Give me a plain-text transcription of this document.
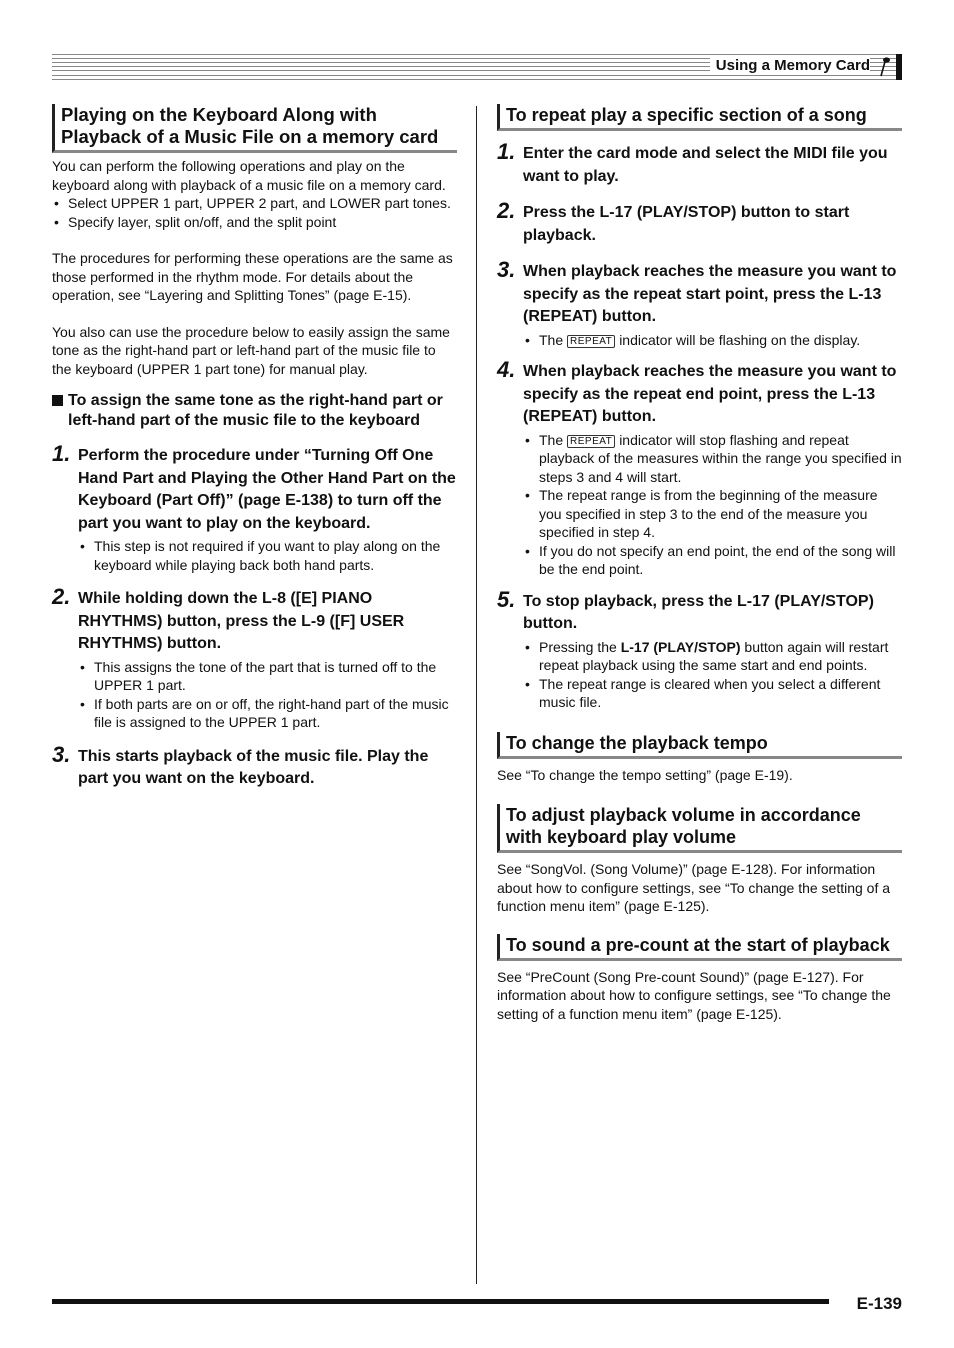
Using a Memory Card
Playing on the Keyboard Along with Playback of a Music File on a memory card

You can perform the following operations and play on the keyboard along with playback of a music file on a memory card.

• Select UPPER 1 part, UPPER 2 part, and LOWER part tones.
• Specify layer, split on/off, and the split point

The procedures for performing these operations are the same as those performed in the rhythm mode. For details about the operation, see “Layering and Splitting Tones” (page E-15).

You also can use the procedure below to easily assign the same tone as the right-hand part or left-hand part of the music file to the keyboard (UPPER 1 part tone) for manual play.

To assign the same tone as the right-hand part or left-hand part of the music file to the keyboard
1. Perform the procedure under “Turning Off One Hand Part and Playing the Other Hand Part on the Keyboard (Part Off)” (page E-138) to turn off the part you want to play on the keyboard.
• This step is not required if you want to play along on the keyboard while playing back both hand parts.
2. While holding down the L-8 ([E] PIANO RHYTHMS) button, press the L-9 ([F] USER RHYTHMS) button.
• This assigns the tone of the part that is turned off to the UPPER 1 part.
• If both parts are on or off, the right-hand part of the music file is assigned to the UPPER 1 part.
3. This starts playback of the music file. Play the part you want on the keyboard.
To repeat play a specific section of a song
1. Enter the card mode and select the MIDI file you want to play.
2. Press the L-17 (PLAY/STOP) button to start playback.
3. When playback reaches the measure you want to specify as the repeat start point, press the L-13 (REPEAT) button.
• The REPEAT indicator will be flashing on the display.
4. When playback reaches the measure you want to specify as the repeat end point, press the L-13 (REPEAT) button.
• The REPEAT indicator will stop flashing and repeat playback of the measures within the range you specified in steps 3 and 4 will start.
• The repeat range is from the beginning of the measure you specified in step 3 to the end of the measure you specified in step 4.
• If you do not specify an end point, the end of the song will be the end point.
5. To stop playback, press the L-17 (PLAY/STOP) button.
• Pressing the L-17 (PLAY/STOP) button again will restart repeat playback using the same start and end points.
• The repeat range is cleared when you select a different music file.
To change the playback tempo

See “To change the tempo setting” (page E-19).

To adjust playback volume in accordance with keyboard play volume

See “SongVol. (Song Volume)” (page E-128). For information about how to configure settings, see “To change the setting of a function menu item” (page E-125).

To sound a pre-count at the start of playback

See “PreCount (Song Pre-count Sound)” (page E-127). For information about how to configure settings, see “To change the setting of a function menu item” (page E-125).

E-139
